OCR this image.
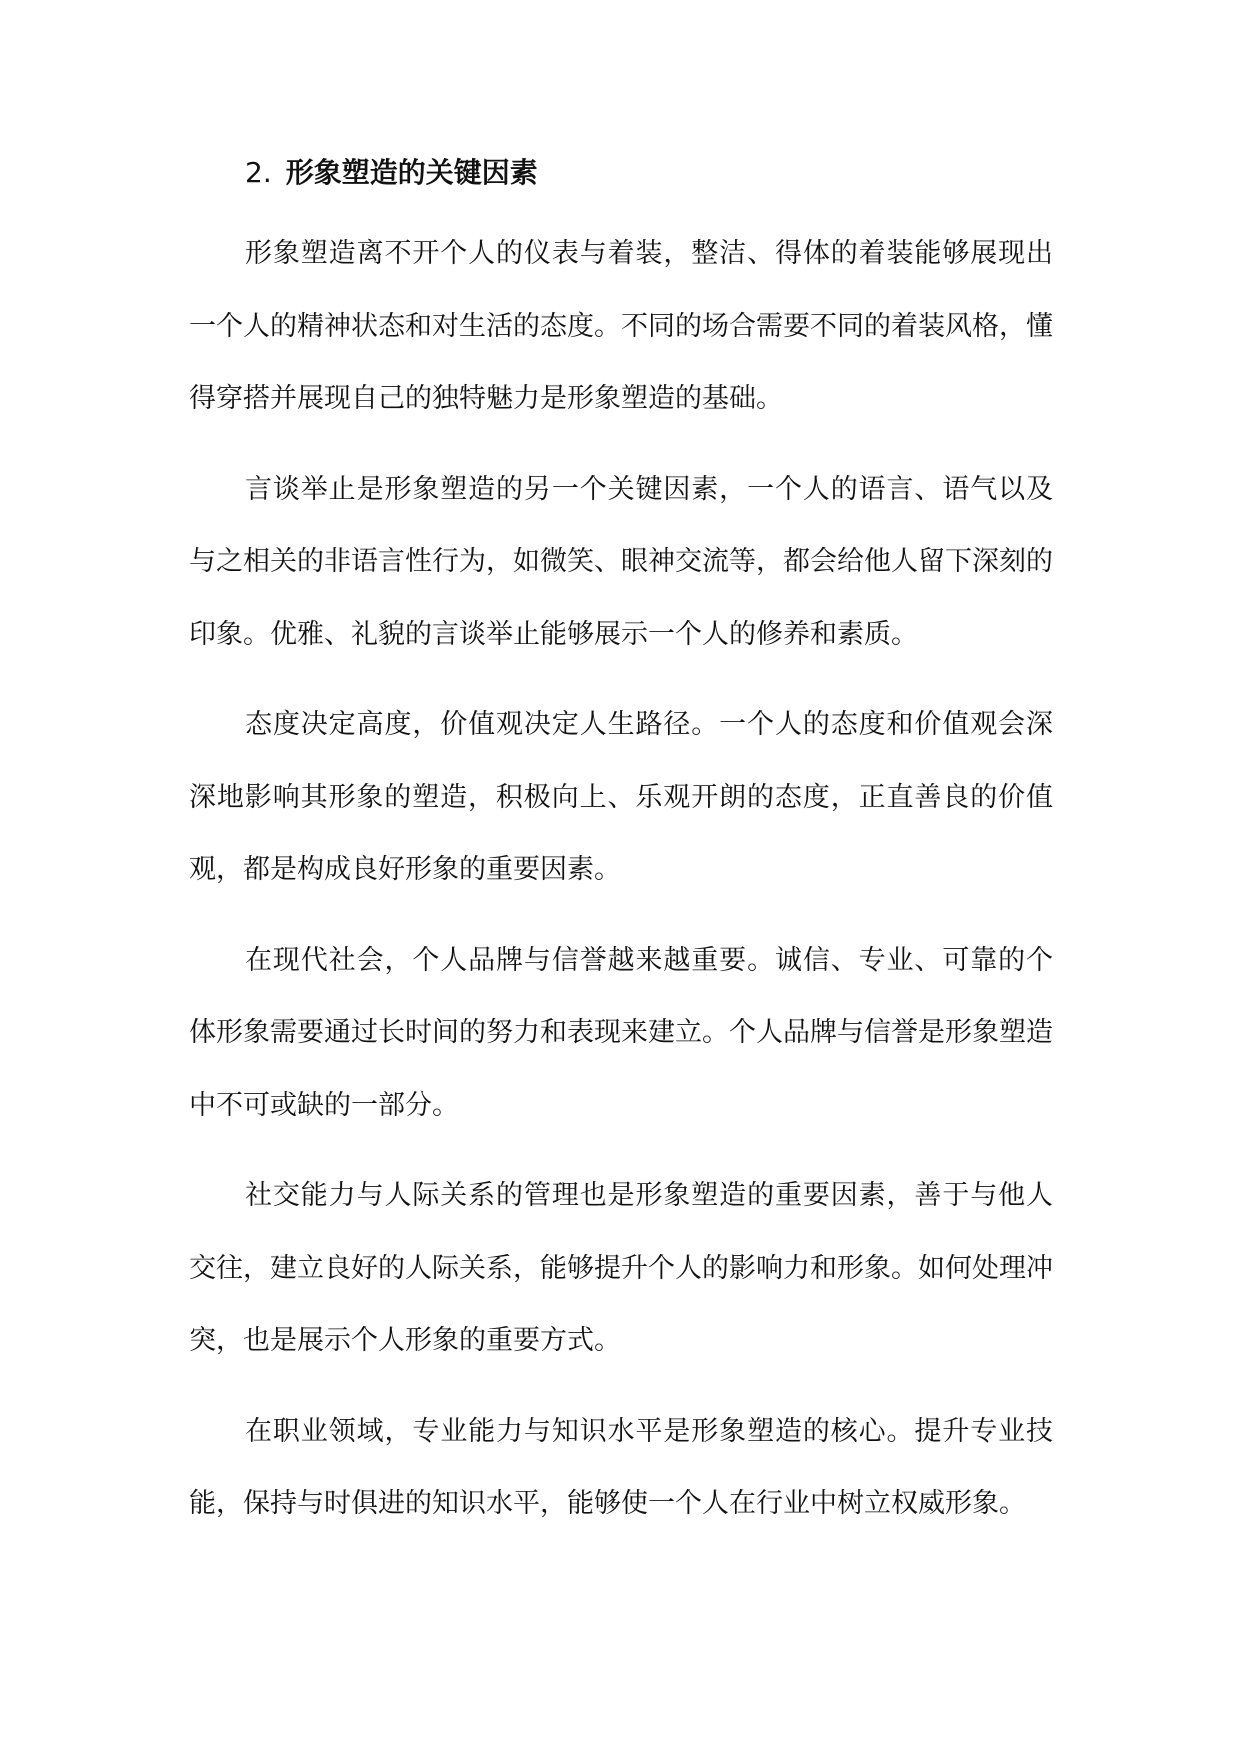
2. 形象塑造的关键因素

形象塑造离不开个人的仪表与着装，整洁、得体的着装能够展现出一个人的精神状态和对生活的态度。不同的场合需要不同的着装风格，懂得穿搭并展现自己的独特魅力是形象塑造的基础。

言谈举止是形象塑造的另一个关键因素，一个人的语言、语气以及与之相关的非语言性行为，如微笑、眼神交流等，都会给他人留下深刻的印象。优雅、礼貌的言谈举止能够展示一个人的修养和素质。

态度决定高度，价值观决定人生路径。一个人的态度和价值观会深深地影响其形象的塑造，积极向上、乐观开朗的态度，正直善良的价值观，都是构成良好形象的重要因素。

在现代社会，个人品牌与信誉越来越重要。诚信、专业、可靠的个体形象需要通过长时间的努力和表现来建立。个人品牌与信誉是形象塑造中不可或缺的一部分。

社交能力与人际关系的管理也是形象塑造的重要因素，善于与他人交往，建立良好的人际关系，能够提升个人的影响力和形象。如何处理冲突，也是展示个人形象的重要方式。

在职业领域，专业能力与知识水平是形象塑造的核心。提升专业技能，保持与时俱进的知识水平，能够使一个人在行业中树立权威形象。
